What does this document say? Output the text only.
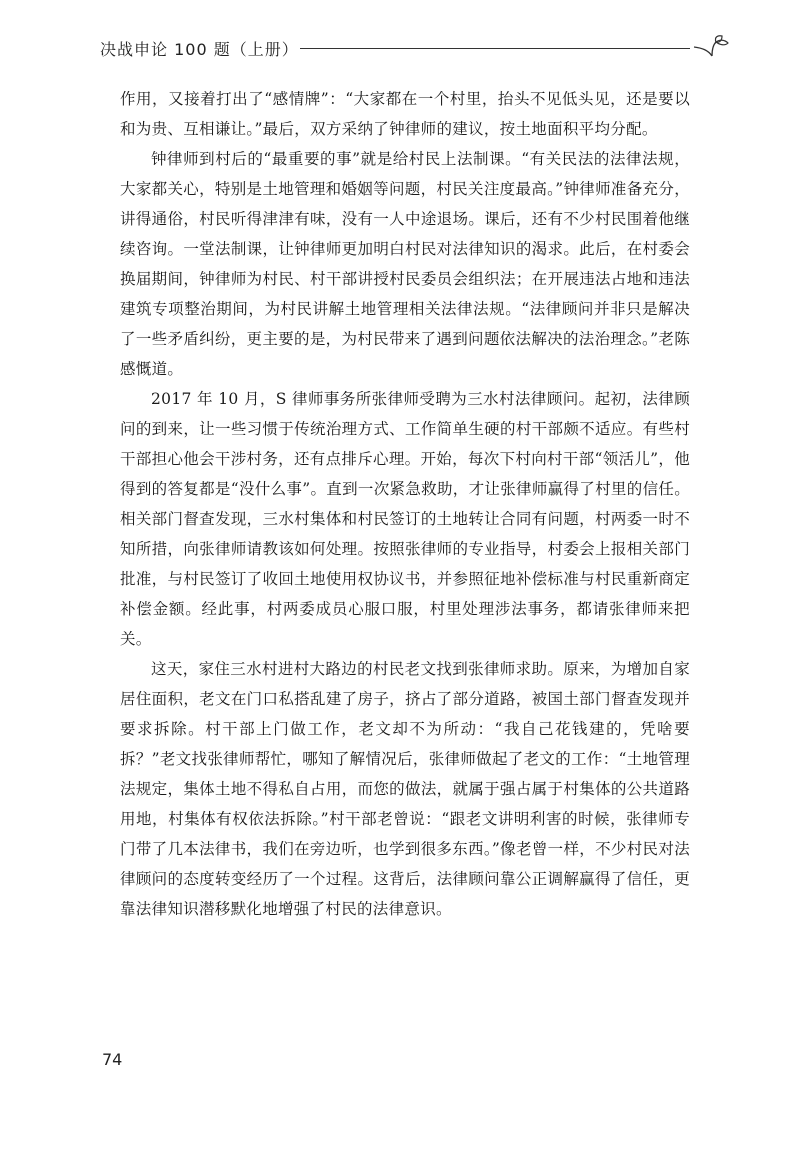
决战申论 100 题（上册）

作用，又接着打出了“感情牌”：“大家都在一个村里，抬头不见低头见，还是要以和为贵、互相谦让。”最后，双方采纳了钟律师的建议，按土地面积平均分配。

钟律师到村后的“最重要的事”就是给村民上法制课。“有关民法的法律法规，大家都关心，特别是土地管理和婚姻等问题，村民关注度最高。”钟律师准备充分，讲得通俗，村民听得津津有味，没有一人中途退场。课后，还有不少村民围着他继续咨询。一堂法制课，让钟律师更加明白村民对法律知识的渴求。此后，在村委会换届期间，钟律师为村民、村干部讲授村民委员会组织法；在开展违法占地和违法建筑专项整治期间，为村民讲解土地管理相关法律法规。“法律顾问并非只是解决了一些矛盾纠纷，更主要的是，为村民带来了遇到问题依法解决的法治理念。”老陈感慨道。

2017 年 10 月，S 律师事务所张律师受聘为三水村法律顾问。起初，法律顾问的到来，让一些习惯于传统治理方式、工作简单生硬的村干部颇不适应。有些村干部担心他会干涉村务，还有点排斥心理。开始，每次下村向村干部“领活儿”，他得到的答复都是“没什么事”。直到一次紧急救助，才让张律师赢得了村里的信任。相关部门督查发现，三水村集体和村民签订的土地转让合同有问题，村两委一时不知所措，向张律师请教该如何处理。按照张律师的专业指导，村委会上报相关部门批准，与村民签订了收回土地使用权协议书，并参照征地补偿标准与村民重新商定补偿金额。经此事，村两委成员心服口服，村里处理涉法事务，都请张律师来把关。

这天，家住三水村进村大路边的村民老文找到张律师求助。原来，为增加自家居住面积，老文在门口私搭乱建了房子，挤占了部分道路，被国土部门督查发现并要求拆除。村干部上门做工作，老文却不为所动：“我自己花钱建的，凭啥要拆？”老文找张律师帮忙，哪知了解情况后，张律师做起了老文的工作：“土地管理法规定，集体土地不得私自占用，而您的做法，就属于强占属于村集体的公共道路用地，村集体有权依法拆除。”村干部老曾说：“跟老文讲明利害的时候，张律师专门带了几本法律书，我们在旁边听，也学到很多东西。”像老曾一样，不少村民对法律顾问的态度转变经历了一个过程。这背后，法律顾问靠公正调解赢得了信任，更靠法律知识潜移默化地增强了村民的法律意识。

74
